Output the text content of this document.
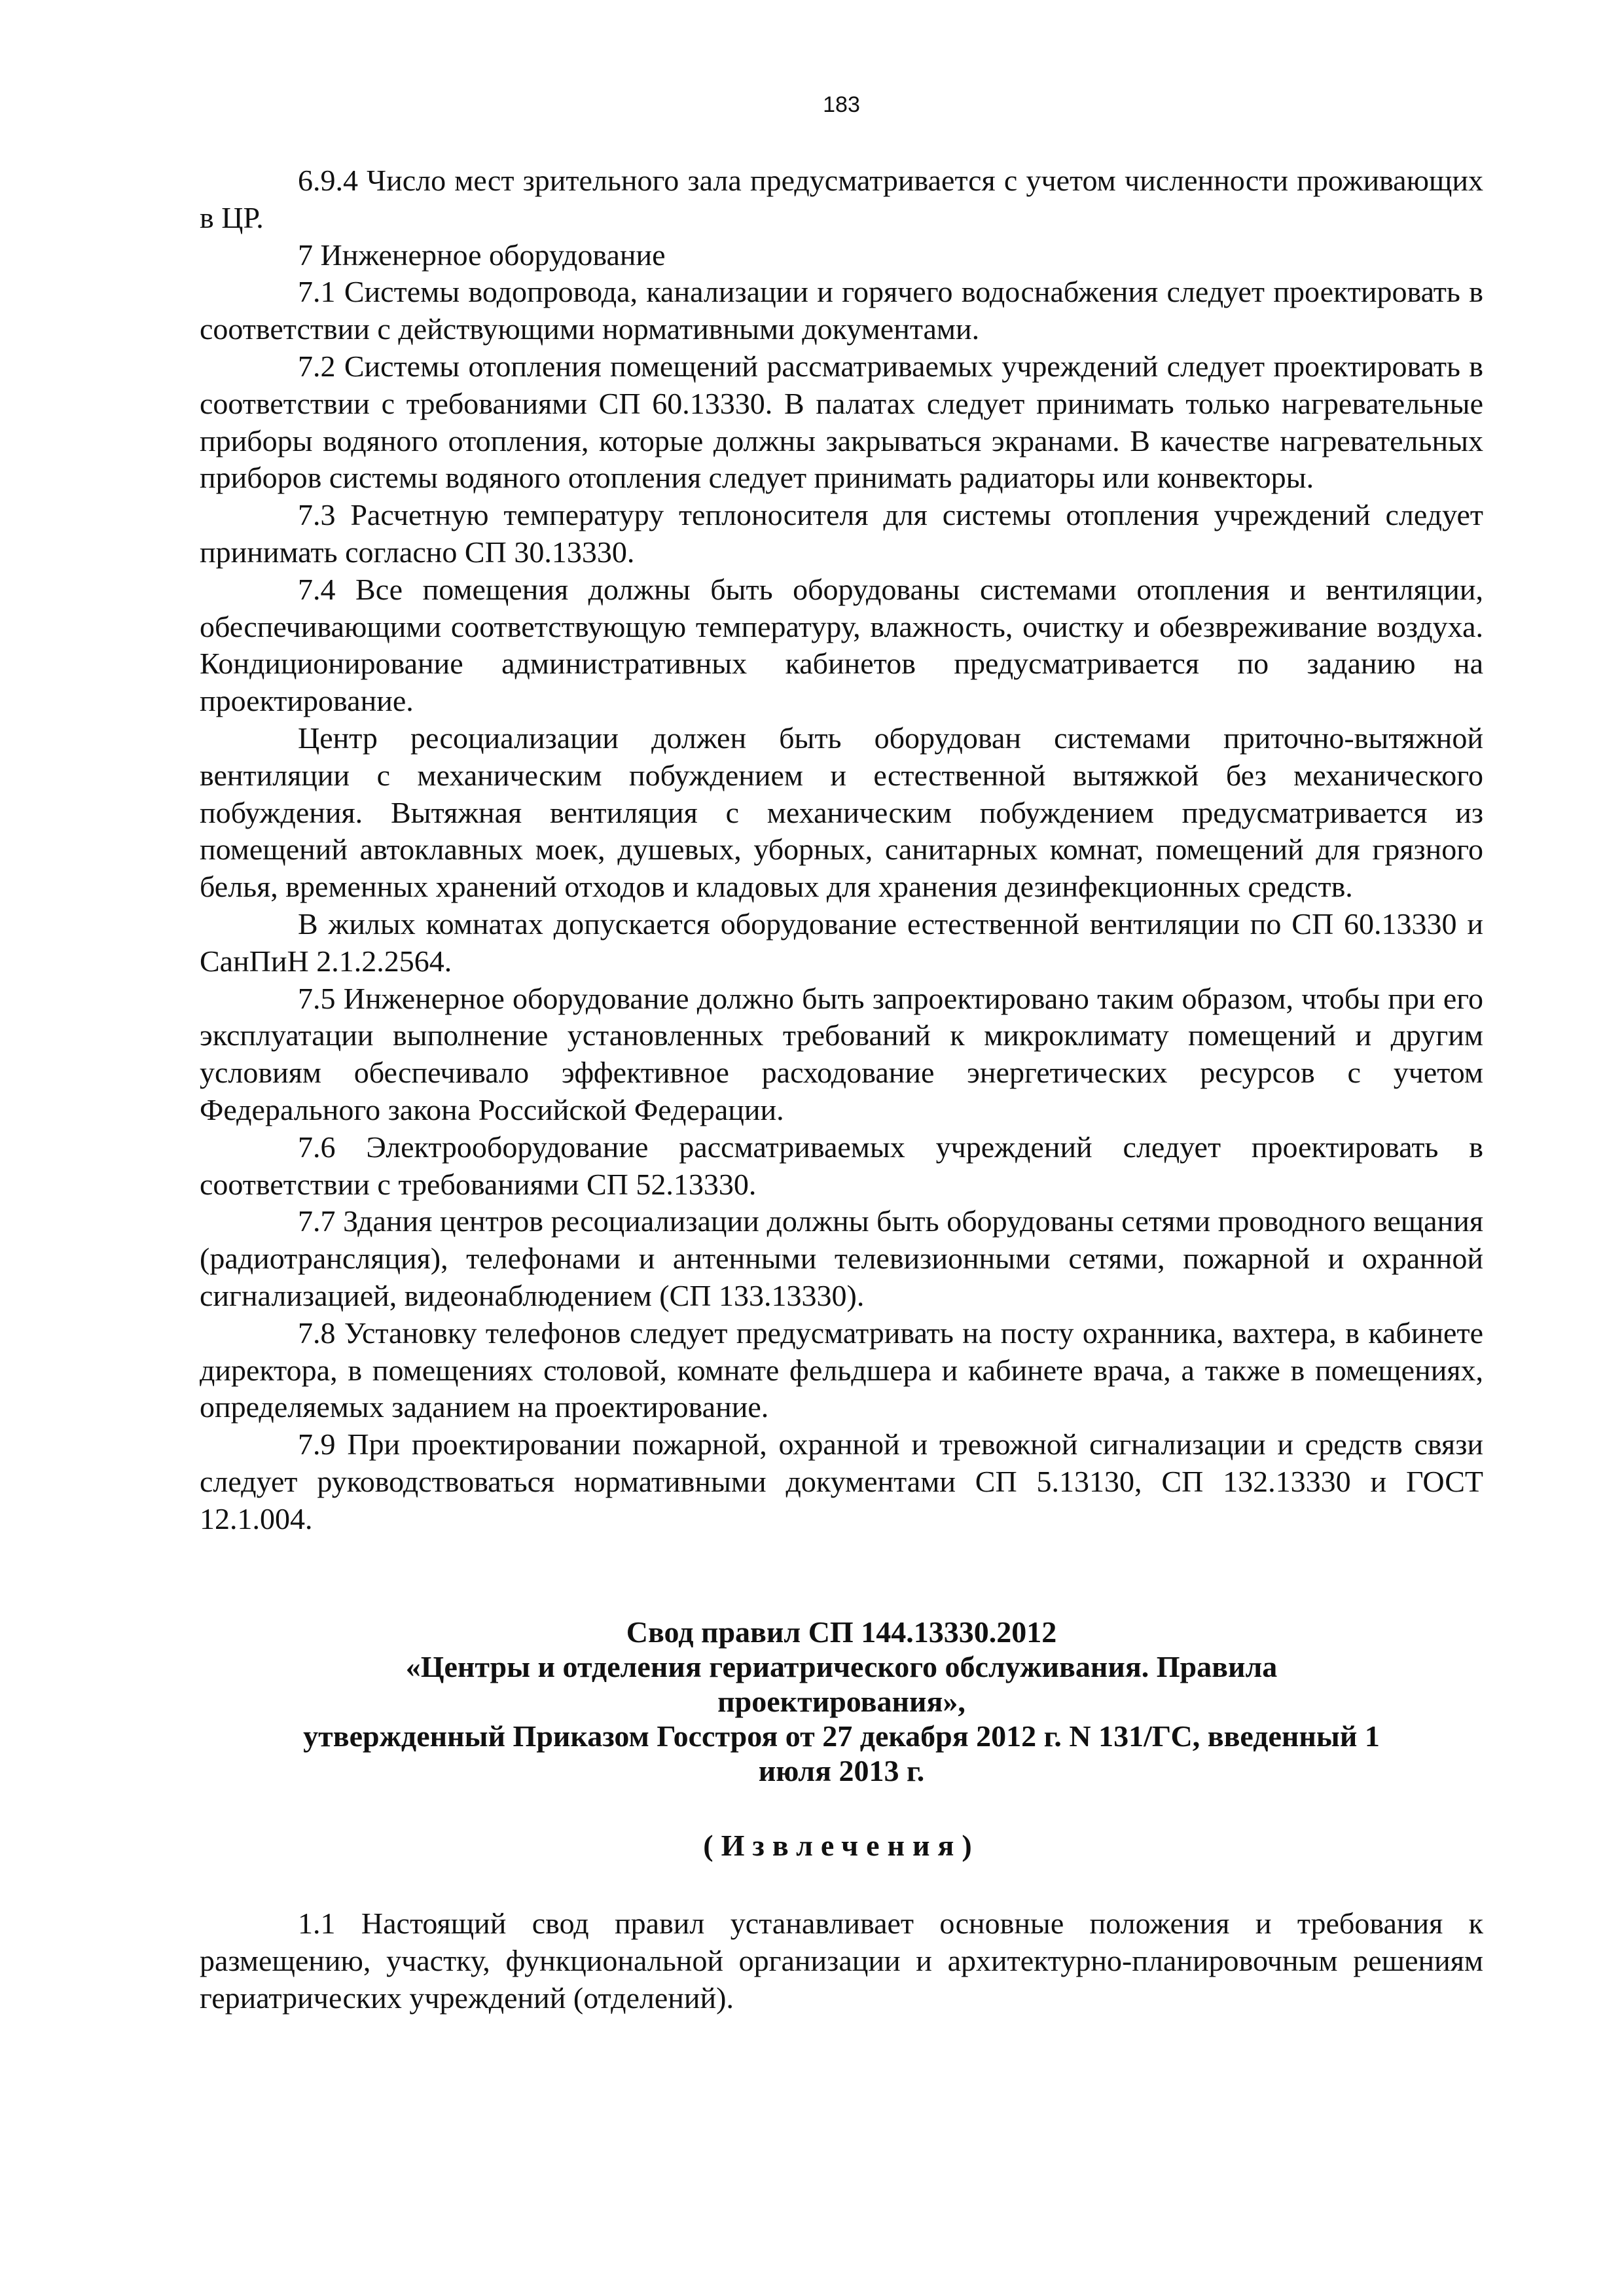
183

6.9.4 Число мест зрительного зала предусматривается с учетом численности проживающих в ЦР.

7 Инженерное оборудование

7.1 Системы водопровода, канализации и горячего водоснабжения следует проектировать в соответствии с действующими нормативными документами.

7.2 Системы отопления помещений рассматриваемых учреждений следует проектировать в соответствии с требованиями СП 60.13330. В палатах следует принимать только нагревательные приборы водяного отопления, которые должны закрываться экранами. В качестве нагревательных приборов системы водяного отопления следует принимать радиаторы или конвекторы.

7.3 Расчетную температуру теплоносителя для системы отопления учреждений следует принимать согласно СП 30.13330.

7.4 Все помещения должны быть оборудованы системами отопления и вентиляции, обеспечивающими соответствующую температуру, влажность, очистку и обезвреживание воздуха. Кондиционирование административных кабинетов предусматривается по заданию на проектирование.

Центр ресоциализации должен быть оборудован системами приточно-вытяжной вентиляции с механическим побуждением и естественной вытяжкой без механического побуждения. Вытяжная вентиляция с механическим побуждением предусматривается из помещений автоклавных моек, душевых, уборных, санитарных комнат, помещений для грязного белья, временных хранений отходов и кладовых для хранения дезинфекционных средств.

В жилых комнатах допускается оборудование естественной вентиляции по СП 60.13330 и СанПиН 2.1.2.2564.

7.5 Инженерное оборудование должно быть запроектировано таким образом, чтобы при его эксплуатации выполнение установленных требований к микроклимату помещений и другим условиям обеспечивало эффективное расходование энергетических ресурсов с учетом Федерального закона Российской Федерации.

7.6 Электрооборудование рассматриваемых учреждений следует проектировать в соответствии с требованиями СП 52.13330.

7.7 Здания центров ресоциализации должны быть оборудованы сетями проводного вещания (радиотрансляция), телефонами и антенными телевизионными сетями, пожарной и охранной сигнализацией, видеонаблюдением (СП 133.13330).

7.8 Установку телефонов следует предусматривать на посту охранника, вахтера, в кабинете директора, в помещениях столовой, комнате фельдшера и кабинете врача, а также в помещениях, определяемых заданием на проектирование.

7.9 При проектировании пожарной, охранной и тревожной сигнализации и средств связи следует руководствоваться нормативными документами СП 5.13130, СП 132.13330 и ГОСТ 12.1.004.

Свод правил СП 144.13330.2012
«Центры и отделения гериатрического обслуживания. Правила
проектирования»,
утвержденный Приказом Госстроя от 27 декабря 2012 г. N 131/ГС, введенный 1
июля 2013 г.
(Извлечения)

1.1 Настоящий свод правил устанавливает основные положения и требования к размещению, участку, функциональной организации и архитектурно-планировочным решениям гериатрических учреждений (отделений).
